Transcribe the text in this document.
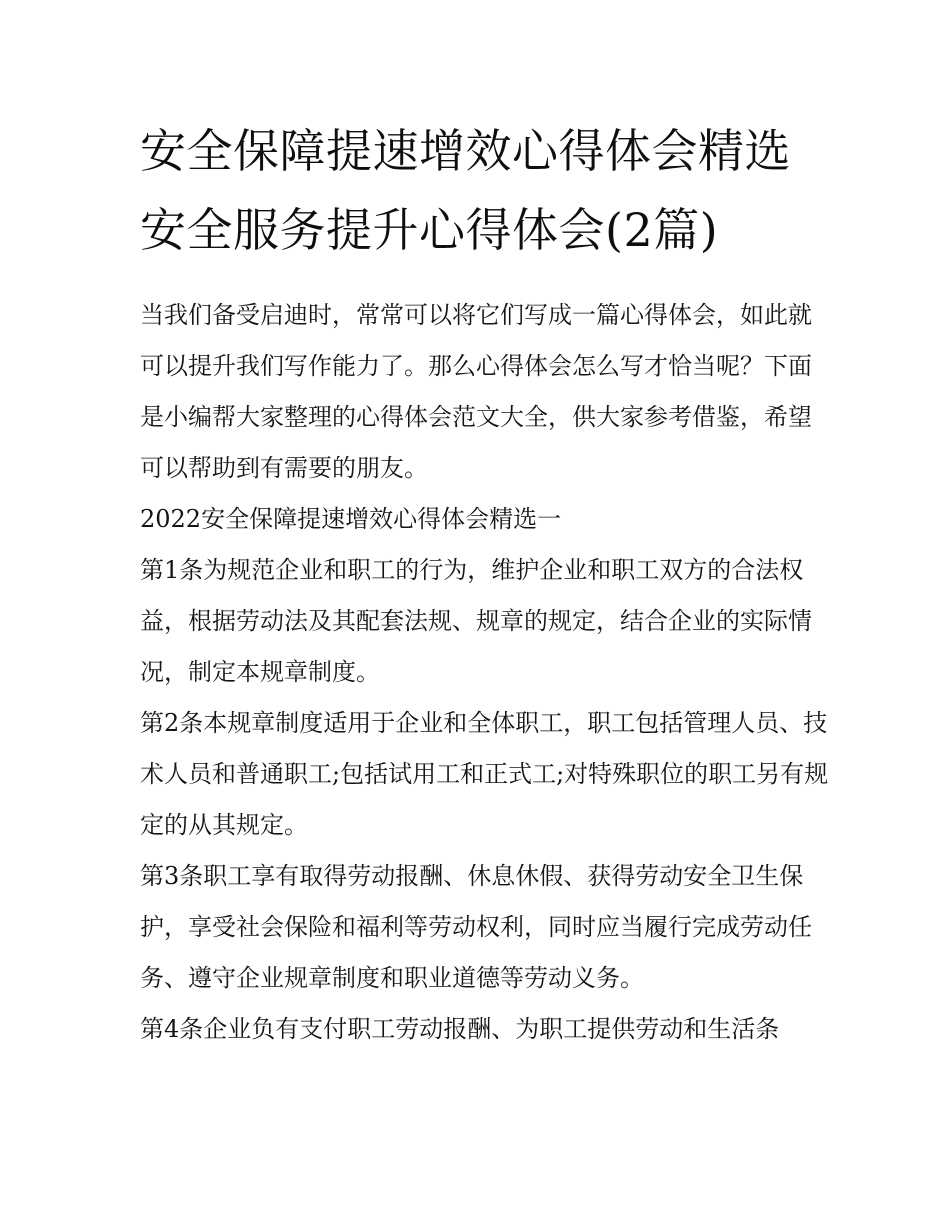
安全保障提速增效心得体会精选 安全服务提升心得体会(2篇)

当我们备受启迪时，常常可以将它们写成一篇心得体会，如此就可以提升我们写作能力了。那么心得体会怎么写才恰当呢？下面是小编帮大家整理的心得体会范文大全，供大家参考借鉴，希望可以帮助到有需要的朋友。

2022安全保障提速增效心得体会精选一

第1条为规范企业和职工的行为，维护企业和职工双方的合法权益，根据劳动法及其配套法规、规章的规定，结合企业的实际情况，制定本规章制度。

第2条本规章制度适用于企业和全体职工，职工包括管理人员、技术人员和普通职工;包括试用工和正式工;对特殊职位的职工另有规定的从其规定。

第3条职工享有取得劳动报酬、休息休假、获得劳动安全卫生保护，享受社会保险和福利等劳动权利，同时应当履行完成劳动任务、遵守企业规章制度和职业道德等劳动义务。

第4条企业负有支付职工劳动报酬、为职工提供劳动和生活条
